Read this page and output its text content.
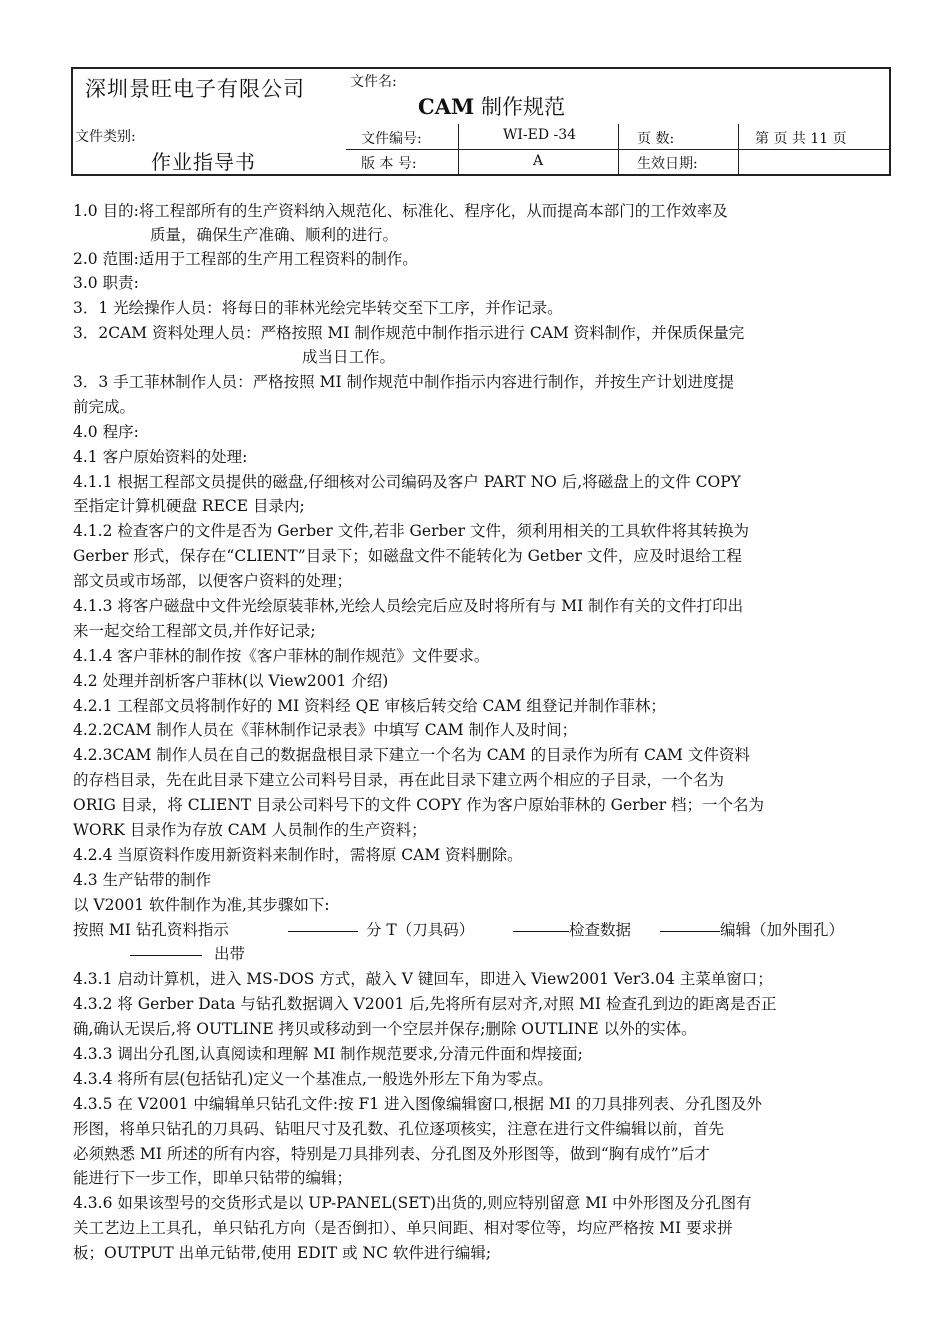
深圳景旺电子有限公司	文件名:
CAM 制作规范
文件类别:
作业指导书
文件编号:	WI-ED -34	页 数:	第 页 共 11 页
版 本 号:	A	生效日期:
1.0 目的:将工程部所有的生产资料纳入规范化、标准化、程序化，从而提高本部门的工作效率及
质量，确保生产准确、顺利的进行。
2.0 范围:适用于工程部的生产用工程资料的制作。
3.0 职责:
3．1 光绘操作人员：将每日的菲林光绘完毕转交至下工序，并作记录。
3．2CAM 资料处理人员：严格按照 MI 制作规范中制作指示进行 CAM 资料制作，并保质保量完
成当日工作。
3．3 手工菲林制作人员：严格按照 MI 制作规范中制作指示内容进行制作，并按生产计划进度提
前完成。
4.0 程序:
4.1 客户原始资料的处理:
4.1.1 根据工程部文员提供的磁盘,仔细核对公司编码及客户 PART NO 后,将磁盘上的文件 COPY
至指定计算机硬盘 RECE 目录内;
4.1.2 检查客户的文件是否为 Gerber 文件,若非 Gerber 文件，须利用相关的工具软件将其转换为
Gerber 形式，保存在“CLIENT”目录下；如磁盘文件不能转化为 Getber 文件，应及时退给工程
部文员或市场部，以便客户资料的处理；
4.1.3 将客户磁盘中文件光绘原装菲林,光绘人员绘完后应及时将所有与 MI 制作有关的文件打印出
来一起交给工程部文员,并作好记录;
4.1.4 客户菲林的制作按《客户菲林的制作规范》文件要求。
4.2 处理并剖析客户菲林(以 View2001 介绍)
4.2.1 工程部文员将制作好的 MI 资料经 QE 审核后转交给 CAM 组登记并制作菲林；
4.2.2CAM 制作人员在《菲林制作记录表》中填写 CAM 制作人及时间；
4.2.3CAM 制作人员在自己的数据盘根目录下建立一个名为 CAM 的目录作为所有 CAM 文件资料
的存档目录，先在此目录下建立公司料号目录，再在此目录下建立两个相应的子目录，一个名为
ORIG 目录，将 CLIENT 目录公司料号下的文件 COPY 作为客户原始菲林的 Gerber 档；一个名为
WORK 目录作为存放 CAM 人员制作的生产资料；
4.2.4 当原资料作废用新资料来制作时，需将原 CAM 资料删除。
4.3 生产钻带的制作
以 V2001 软件制作为准,其步骤如下:
按照 MI 钻孔资料指示	分 T（刀具码）	检查数据	编辑（加外围孔）
出带
4.3.1 启动计算机，进入 MS-DOS 方式，敲入 V 键回车，即进入 View2001 Ver3.04 主菜单窗口；
4.3.2 将 Gerber Data 与钻孔数据调入 V2001 后,先将所有层对齐,对照 MI 检查孔到边的距离是否正
确,确认无误后,将 OUTLINE 拷贝或移动到一个空层并保存;删除 OUTLINE 以外的实体。
4.3.3 调出分孔图,认真阅读和理解 MI 制作规范要求,分清元件面和焊接面;
4.3.4 将所有层(包括钻孔)定义一个基准点,一般选外形左下角为零点。
4.3.5 在 V2001 中编辑单只钻孔文件:按 F1 进入图像编辑窗口,根据 MI 的刀具排列表、分孔图及外
形图，将单只钻孔的刀具码、钻咀尺寸及孔数、孔位逐项核实，注意在进行文件编辑以前，首先
必须熟悉 MI 所述的所有内容，特别是刀具排列表、分孔图及外形图等，做到“胸有成竹”后才
能进行下一步工作，即单只钻带的编辑；
4.3.6 如果该型号的交货形式是以 UP-PANEL(SET)出货的,则应特别留意 MI 中外形图及分孔图有
关工艺边上工具孔，单只钻孔方向（是否倒扣）、单只间距、相对零位等，均应严格按 MI 要求拼
板；OUTPUT 出单元钻带,使用 EDIT 或 NC 软件进行编辑;
